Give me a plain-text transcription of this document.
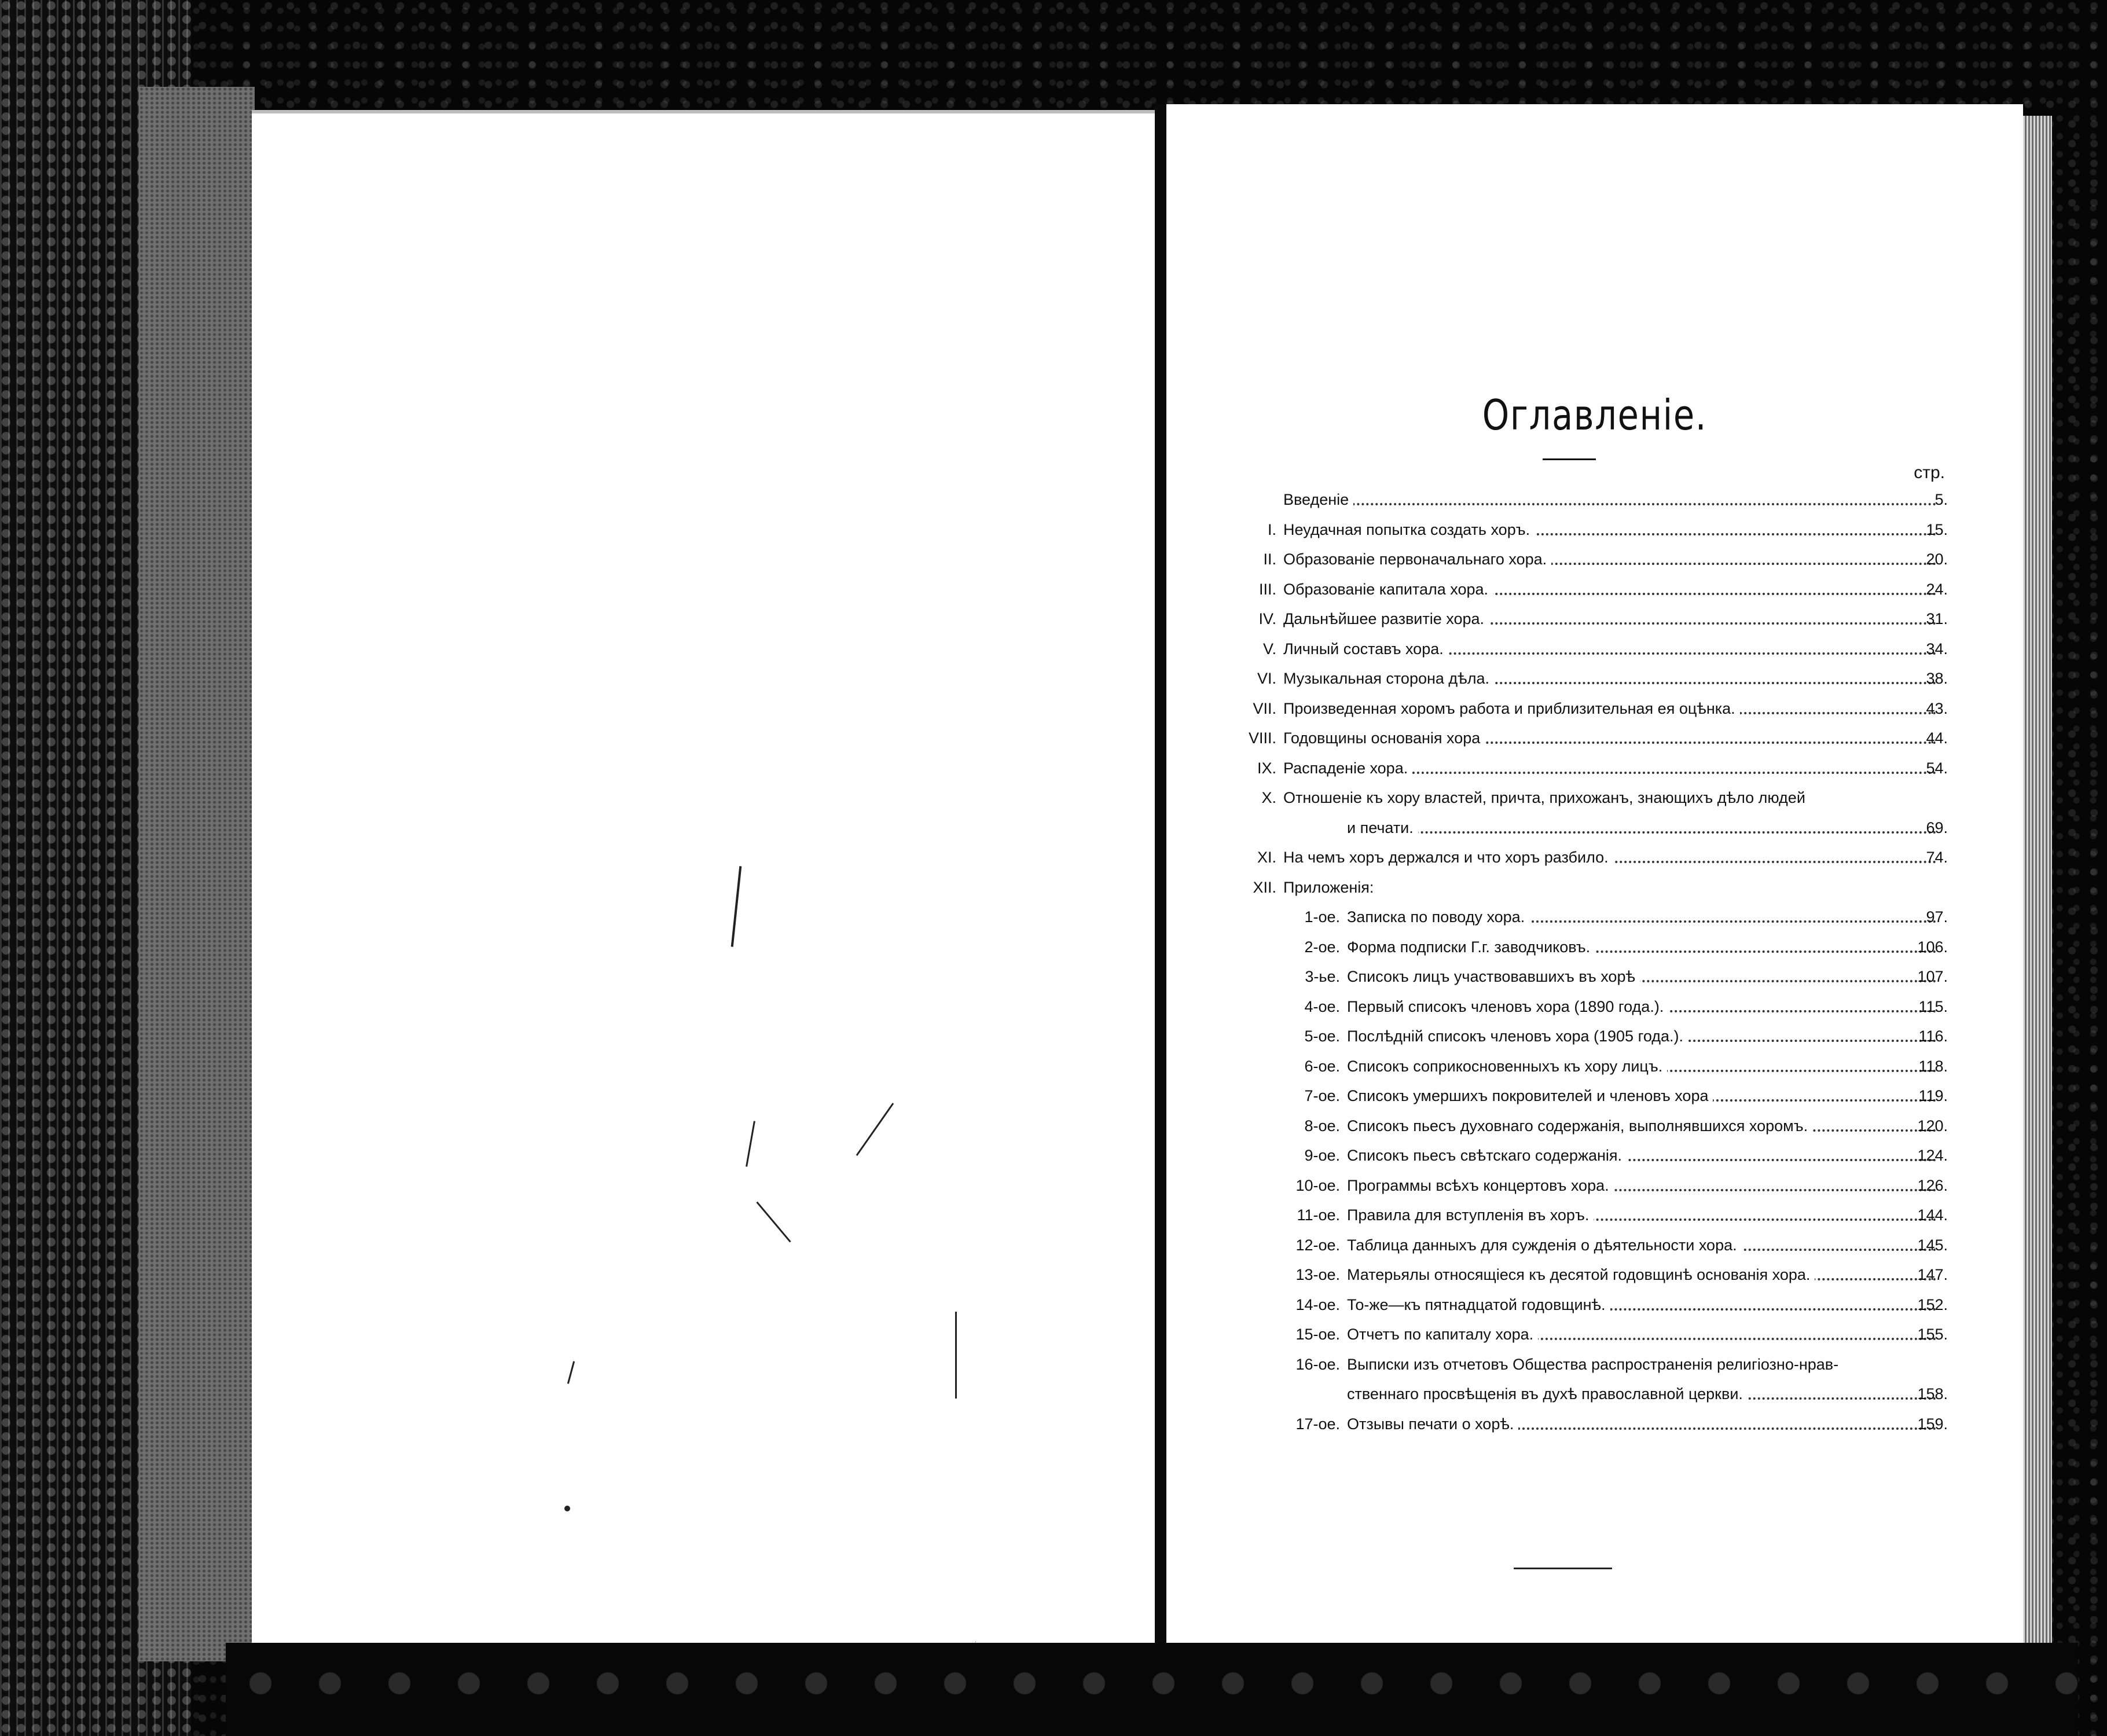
Оглавленіе.
стр.
Введеніе	5.
I. Неудачная попытка создать хоръ.	15.
II. Образованіе первоначальнаго хора.	20.
III. Образованіе капитала хора.	24.
IV. Дальнѣйшее развитіе хора.	31.
V. Личный составъ хора.	34.
VI. Музыкальная сторона дѣла.	38.
VII. Произведенная хоромъ работа и приблизительная ея оцѣнка.	43.
VIII. Годовщины основанія хора	44.
IX. Распаденіе хора.	54.
X. Отношеніе къ хору властей, причта, прихожанъ, знающихъ дѣло людей
и печати.	69.
XI. На чемъ хоръ держался и что хоръ разбило.	74.
XII. Приложенія:
1-ое. Записка по поводу хора.	97.
2-ое. Форма подписки Г.г. заводчиковъ.	106.
3-ье. Списокъ лицъ участвовавшихъ въ хорѣ	107.
4-ое. Первый списокъ членовъ хора (1890 года.).	115.
5-ое. Послѣдній списокъ членовъ хора (1905 года.).	116.
6-ое. Списокъ соприкосновенныхъ къ хору лицъ.	118.
7-ое. Списокъ умершихъ покровителей и членовъ хора	119.
8-ое. Списокъ пьесъ духовнаго содержанія, выполнявшихся хоромъ.	120.
9-ое. Списокъ пьесъ свѣтскаго содержанія.	124.
10-ое. Программы всѣхъ концертовъ хора.	126.
11-ое. Правила для вступленія въ хоръ.	144.
12-ое. Таблица данныхъ для сужденія о дѣятельности хора.	145.
13-ое. Матерьялы относящіеся къ десятой годовщинѣ основанія хора.	147.
14-ое. То-же—къ пятнадцатой годовщинѣ.	152.
15-ое. Отчетъ по капиталу хора.	155.
16-ое. Выписки изъ отчетовъ Общества распространенія религіозно-нрав-
ственнаго просвѣщенія въ духѣ православной церкви.	158.
17-ое. Отзывы печати о хорѣ.	159.
